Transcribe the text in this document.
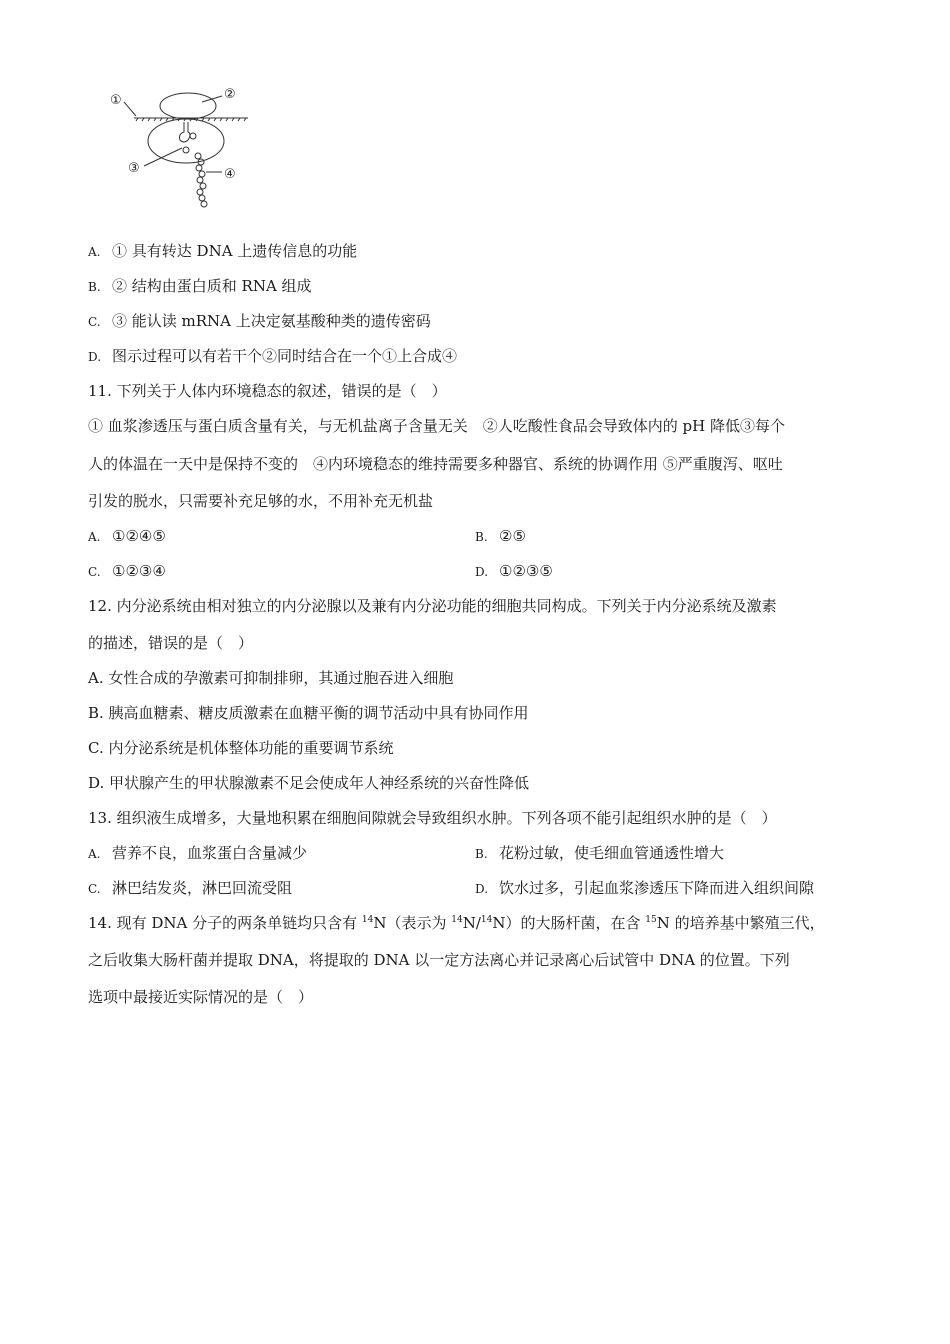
①	②
③	④
A. ① 具有转达 DNA 上遗传信息的功能
B. ② 结构由蛋白质和 RNA 组成
C. ③ 能认读 mRNA 上决定氨基酸种类的遗传密码
D. 图示过程可以有若干个②同时结合在一个①上合成④
11. 下列关于人体内环境稳态的叙述，错误的是（　）
① 血浆渗透压与蛋白质含量有关，与无机盐离子含量无关　②人吃酸性食品会导致体内的 pH 降低③每个
人的体温在一天中是保持不变的　④内环境稳态的维持需要多种器官、系统的协调作用 ⑤严重腹泻、呕吐
引发的脱水，只需要补充足够的水，不用补充无机盐
A. ①②④⑤	B. ②⑤
C. ①②③④	D. ①②③⑤
12. 内分泌系统由相对独立的内分泌腺以及兼有内分泌功能的细胞共同构成。下列关于内分泌系统及激素
的描述，错误的是（　）
A. 女性合成的孕激素可抑制排卵，其通过胞吞进入细胞
B. 胰高血糖素、糖皮质激素在血糖平衡的调节活动中具有协同作用
C. 内分泌系统是机体整体功能的重要调节系统
D. 甲状腺产生的甲状腺激素不足会使成年人神经系统的兴奋性降低
13. 组织液生成增多，大量地积累在细胞间隙就会导致组织水肿。下列各项不能引起组织水肿的是（　）
A. 营养不良，血浆蛋白含量减少	B. 花粉过敏，使毛细血管通透性增大
C. 淋巴结发炎，淋巴回流受阻	D. 饮水过多，引起血浆渗透压下降而进入组织间隙
14. 现有 DNA 分子的两条单链均只含有 $^{14}$N（表示为 $^{14}$N/$^{14}$N）的大肠杆菌，在含 $^{15}$N 的培养基中繁殖三代，
之后收集大肠杆菌并提取 DNA，将提取的 DNA 以一定方法离心并记录离心后试管中 DNA 的位置。下列
选项中最接近实际情况的是（　）
